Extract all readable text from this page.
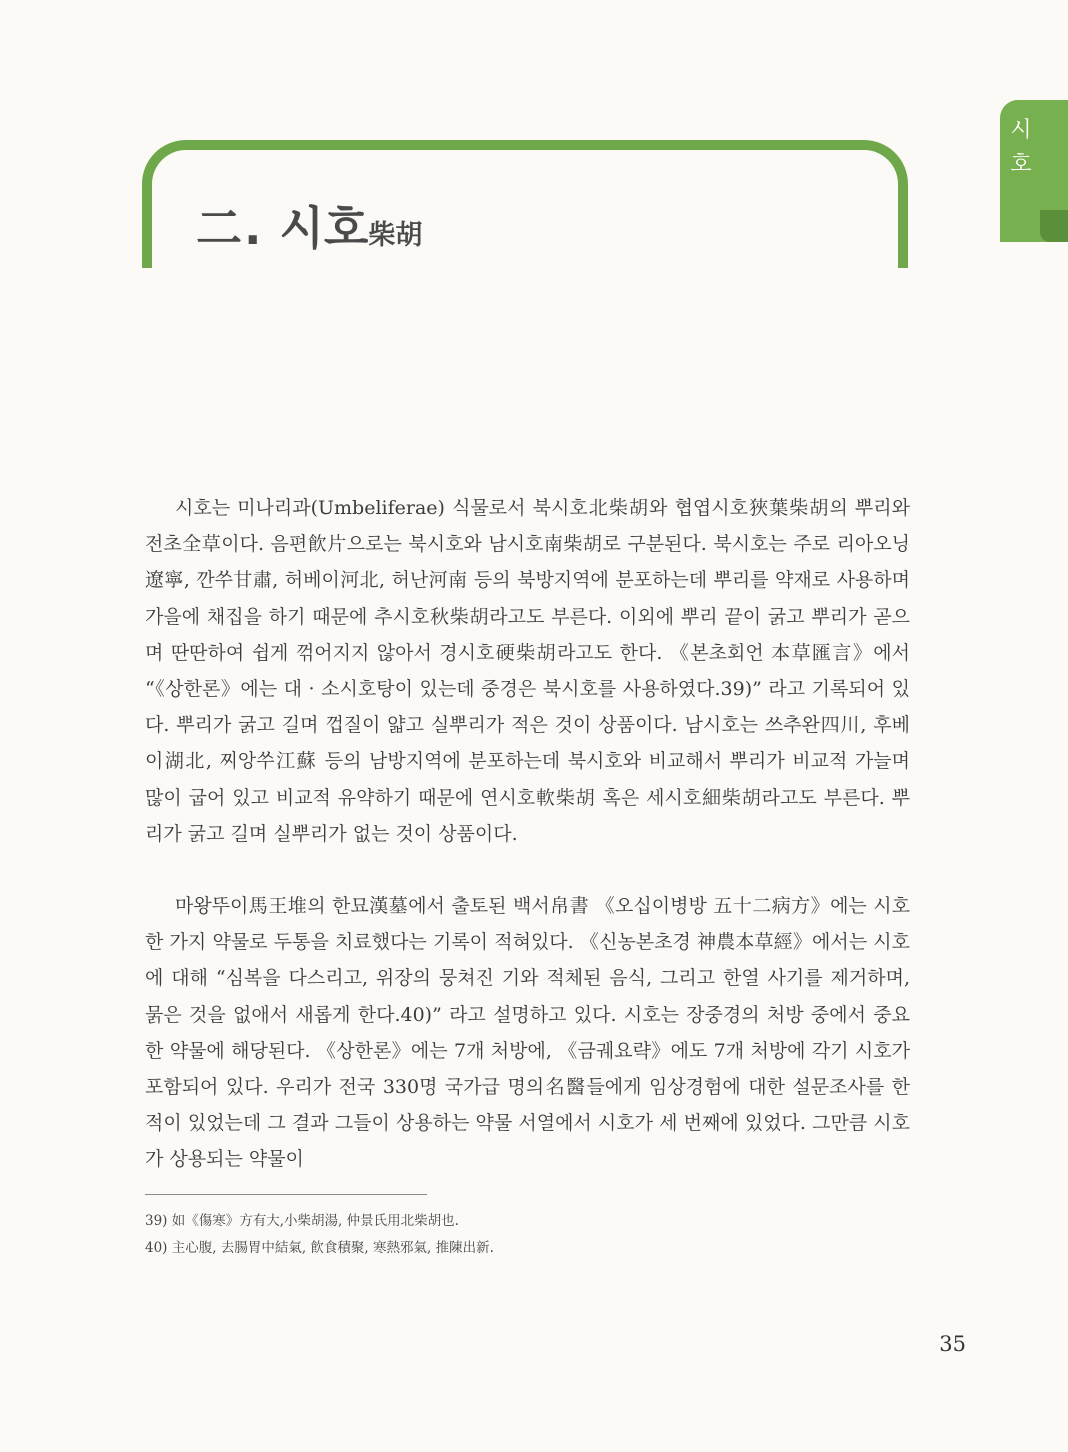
二. 시호柴胡
시 호

시호는 미나리과(Umbeliferae) 식물로서 북시호北柴胡와 협엽시호狹葉柴胡의 뿌리와 전초全草이다. 음편飮片으로는 북시호와 남시호南柴胡로 구분된다. 북시호는 주로 리아오닝遼寧, 깐쑤甘肅, 허베이河北, 허난河南 등의 북방지역에 분포하는데 뿌리를 약재로 사용하며 가을에 채집을 하기 때문에 추시호秋柴胡라고도 부른다. 이외에 뿌리 끝이 굵고 뿌리가 곧으며 딴딴하여 쉽게 꺾어지지 않아서 경시호硬柴胡라고도 한다. 《본초회언 本草匯言》에서 “《상한론》에는 대 · 소시호탕이 있는데 중경은 북시호를 사용하였다.39)” 라고 기록되어 있다. 뿌리가 굵고 길며 껍질이 얇고 실뿌리가 적은 것이 상품이다. 남시호는 쓰추완四川, 후베이湖北, 찌앙쑤江蘇 등의 남방지역에 분포하는데 북시호와 비교해서 뿌리가 비교적 가늘며 많이 굽어 있고 비교적 유약하기 때문에 연시호軟柴胡 혹은 세시호細柴胡라고도 부른다. 뿌리가 굵고 길며 실뿌리가 없는 것이 상품이다.

마왕뚜이馬王堆의 한묘漢墓에서 출토된 백서帛書 《오십이병방 五十二病方》에는 시호 한 가지 약물로 두통을 치료했다는 기록이 적혀있다. 《신농본초경 神農本草經》에서는 시호에 대해 “심복을 다스리고, 위장의 뭉쳐진 기와 적체된 음식, 그리고 한열 사기를 제거하며, 묽은 것을 없애서 새롭게 한다.40)” 라고 설명하고 있다. 시호는 장중경의 처방 중에서 중요한 약물에 해당된다. 《상한론》에는 7개 처방에, 《금궤요략》에도 7개 처방에 각기 시호가 포함되어 있다. 우리가 전국 330명 국가급 명의名醫들에게 임상경험에 대한 설문조사를 한 적이 있었는데 그 결과 그들이 상용하는 약물 서열에서 시호가 세 번째에 있었다. 그만큼 시호가 상용되는 약물이

39) 如《傷寒》方有大,小柴胡湯, 仲景氏用北柴胡也.
40) 主心腹, 去腸胃中結氣, 飮食積聚, 寒熱邪氣, 推陳出新.
35
